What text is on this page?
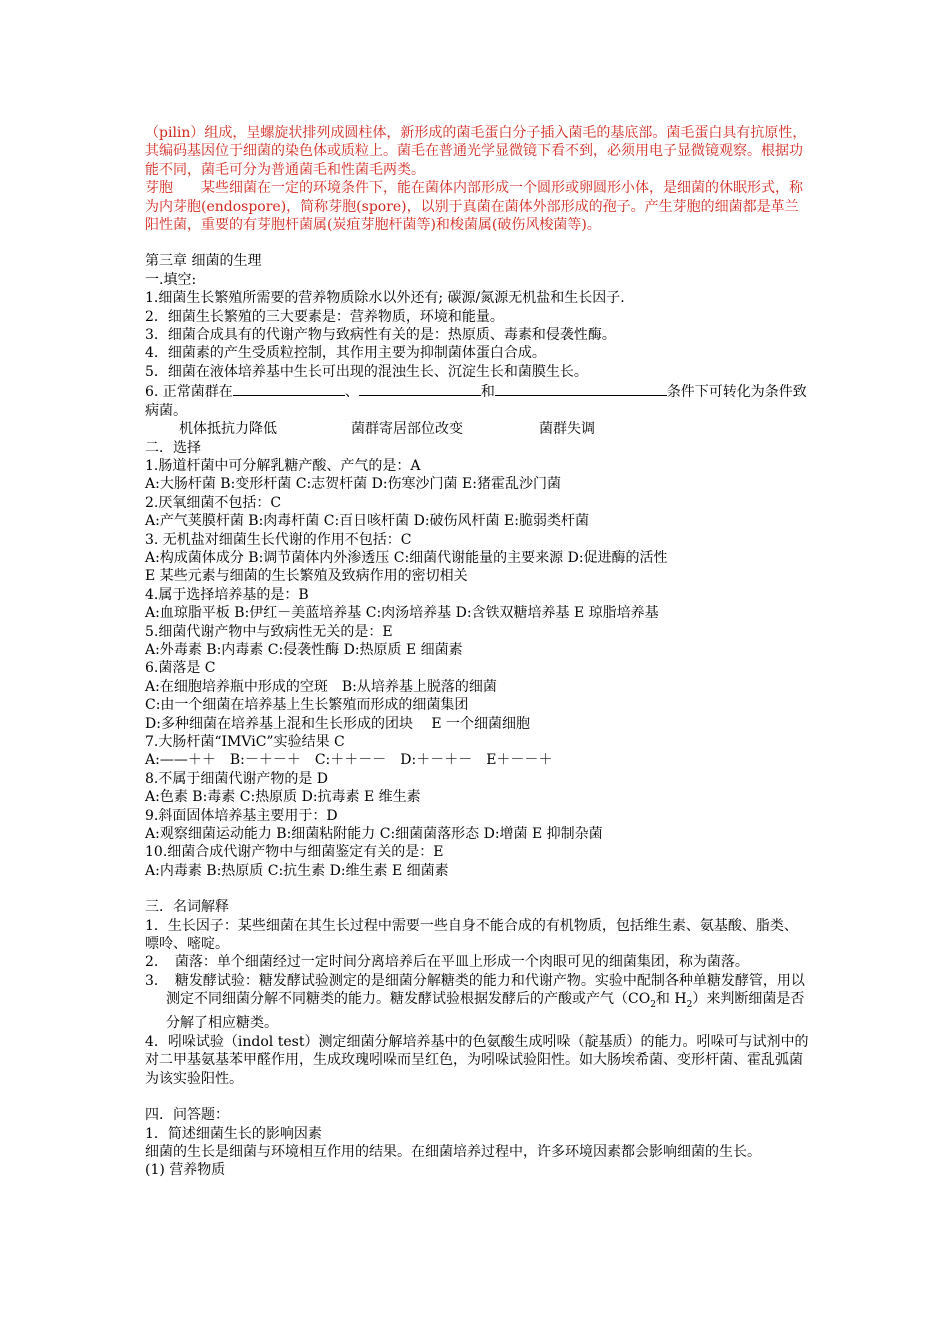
（pilin）组成，呈螺旋状排列成圆柱体，新形成的菌毛蛋白分子插入菌毛的基底部。菌毛蛋白具有抗原性，其编码基因位于细菌的染色体或质粒上。菌毛在普通光学显微镜下看不到，必须用电子显微镜观察。根据功能不同，菌毛可分为普通菌毛和性菌毛两类。

芽胞　　某些细菌在一定的环境条件下，能在菌体内部形成一个圆形或卵圆形小体，是细菌的休眠形式，称为内芽胞(endospore)，简称芽胞(spore)，以别于真菌在菌体外部形成的孢子。产生芽胞的细菌都是革兰阳性菌，重要的有芽胞杆菌属(炭疽芽胞杆菌等)和梭菌属(破伤风梭菌等)。

第三章 细菌的生理

一.填空:

1.细菌生长繁殖所需要的营养物质除水以外还有; 碳源/氮源无机盐和生长因子.

2．细菌生长繁殖的三大要素是：营养物质，环境和能量。

3．细菌合成具有的代谢产物与致病性有关的是：热原质、毒素和侵袭性酶。

4．细菌素的产生受质粒控制，其作用主要为抑制菌体蛋白合成。

5．细菌在液体培养基中生长可出现的混浊生长、沉淀生长和菌膜生长。

6. 正常菌群在	、	和	条件下可转化为条件致病菌。

机体抵抗力降低	菌群寄居部位改变	菌群失调

二．选择

1.肠道杆菌中可分解乳糖产酸、产气的是：A

A:大肠杆菌 B:变形杆菌 C:志贺杆菌 D:伤寒沙门菌 E:猪霍乱沙门菌

2.厌氧细菌不包括：C

A:产气荚膜杆菌 B:肉毒杆菌 C:百日咳杆菌 D:破伤风杆菌 E:脆弱类杆菌

3. 无机盐对细菌生长代谢的作用不包括：C

A:构成菌体成分 B:调节菌体内外渗透压 C:细菌代谢能量的主要来源 D:促进酶的活性

E 某些元素与细菌的生长繁殖及致病作用的密切相关

4.属于选择培养基的是：B

A:血琼脂平板 B:伊红－美蓝培养基 C:肉汤培养基 D:含铁双糖培养基 E 琼脂培养基

5.细菌代谢产物中与致病性无关的是：E

A:外毒素 B:内毒素 C:侵袭性酶 D:热原质 E 细菌素

6.菌落是 C

A:在细胞培养瓶中形成的空斑　B:从培养基上脱落的细菌

C:由一个细菌在培养基上生长繁殖而形成的细菌集团

D:多种细菌在培养基上混和生长形成的团块　 E 一个细菌细胞

7.大肠杆菌“IMViC”实验结果 C

A:——＋＋　B:－＋－＋　C:＋＋－－　D:＋－＋－　E＋－－＋

8.不属于细菌代谢产物的是 D

A:色素 B:毒素 C:热原质 D:抗毒素 E 维生素

9.斜面固体培养基主要用于：D

A:观察细菌运动能力 B:细菌粘附能力 C:细菌菌落形态 D:增菌 E 抑制杂菌

10.细菌合成代谢产物中与细菌鉴定有关的是：E

A:内毒素 B:热原质 C:抗生素 D:维生素 E 细菌素

三．名词解释

1．生长因子：某些细菌在其生长过程中需要一些自身不能合成的有机物质，包括维生素、氨基酸、脂类、嘌呤、嘧啶。

2．　菌落：单个细菌经过一定时间分离培养后在平皿上形成一个肉眼可见的细菌集团，称为菌落。

3．　糖发酵试验：糖发酵试验测定的是细菌分解糖类的能力和代谢产物。实验中配制各种单糖发酵管，用以测定不同细菌分解不同糖类的能力。糖发酵试验根据发酵后的产酸或产气（$CO_2$和 $H_2$）来判断细菌是否分解了相应糖类。

4．吲哚试验（indol test）测定细菌分解培养基中的色氨酸生成吲哚（靛基质）的能力。吲哚可与试剂中的对二甲基氨基苯甲醛作用，生成玫瑰吲哚而呈红色，为吲哚试验阳性。如大肠埃希菌、变形杆菌、霍乱弧菌为该实验阳性。

四．问答题：

1．简述细菌生长的影响因素

细菌的生长是细菌与环境相互作用的结果。在细菌培养过程中，许多环境因素都会影响细菌的生长。

(1) 营养物质
